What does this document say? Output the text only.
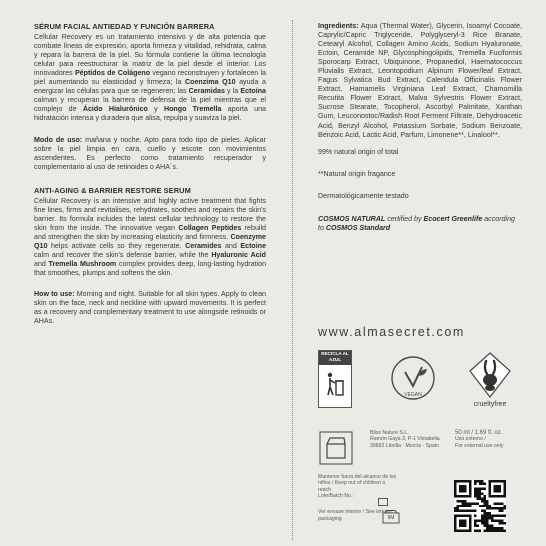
SÉRUM FACIAL ANTIEDAD Y FUNCIÓN BARRERA

Cellular Recovery es un tratamiento intensivo y de alta potencia que combate líneas de expresión, aporta firmeza y vitalidad, rehidrata, calma y repara la barrera de la piel. Su fórmula contiene la última tecnología celular para reestructurar la matriz de la piel desde el interior. Los innovadores Péptidos de Colágeno vegano reconstruyen y fortalecen la piel aumentando su elasticidad y firmeza; la Coenzima Q10 ayuda a energizar las células para que se regeneren; las Ceramidas y la Ectoína calman y recuperan la barrera de defensa de la piel mientras que el complejo de Ácido Hialurónico y Hongo Tremella aporta una hidratación intensa y duradera que alisa, repulpa y suaviza la piel.

Modo de uso: mañana y noche. Apto para todo tipo de pieles. Aplicar sobre la piel limpia en cara, cuello y escote con movimientos ascendentes. Es perfecto como tratamiento recuperador y complementario al uso de retinoides o AHA´s.

ANTI-AGING & BARRIER RESTORE SERUM

Cellular Recovery is an intensive and highly active treatment that fights fine lines, firms and revitalises, rehydrates, soothes and repairs the skin's barrier. Its formula includes the latest cellular technology to restore the skin from the inside. The innovative vegan Collagen Peptides rebuild and strengthen the skin by increasing elasticity and firmness. Coenzyme Q10 helps activate cells so they regenerate. Ceramides and Ectoine calm and recover the skin's defense barrier, while the Hyaluronic Acid and Tremella Mushroom complex provides deep, long-lasting hydration that smoothes, plumps and softens the skin.

How to use: Morning and night. Suitable for all skin types. Apply to clean skin on the face, neck and neckline with upward movements. It is perfect as a recovery and complementary treatment to use alongside retinoids or AHAs.

Ingredients: Aqua (Thermal Water), Glycerin, Isoamyl Cocoate, Caprylic/Capric Triglyceride, Polyglyceryl-3 Rice Branate, Cetearyl Alcohol, Collagen Amino Acids, Sodium Hyaluronate, Ectoin, Ceramide NP, Glycosphingolipids, Tremella Fuciformis Sporocarp Extract, Ubiquinone, Propanediol, Haematococcus Pluvialis Extract, Leontopodium Alpinum Flower/leaf Extract, Fagus Sylvatica Bud Extract, Calendula Officinalis Flower Extract, Hamamelis Virginiana Leaf Extract, Chamomilla Recutita Flower Extract, Malva Sylvestris Flower Extract, Sucrose Stearate, Tocopherol, Ascorbyl Palmitate, Xanthan Gum, Leuconostoc/Radish Root Ferment Filtrate, Dehydroacetic Acid, Benzyl Alcohol, Potassium Sorbate, Sodium Benzoate, Benzoic Acid, Lactic Acid, Parfum, Limonene**, Linalool**.

99% natural origin of total

**Natural origin fragance

Dermatológicamente testado

COSMOS NATURAL certified by Ecocert Greenlife according to COSMOS Standard

www.almasecret.com
RECICLA AL AZUL
VEGAN
crueltyfree
Bliss Nature S.L.
Ramón Gaya 3, P-1 Vistabella 30892 Librilla · Murcia · Spain
50 ml / 1.69 fl. oz.
Uso externo /
For external use only
Mantener fuera del alcance de los niños / Keep out of children´s reach
Lote/Batch No.:
Ver envase interior / See interior packaging	9M
